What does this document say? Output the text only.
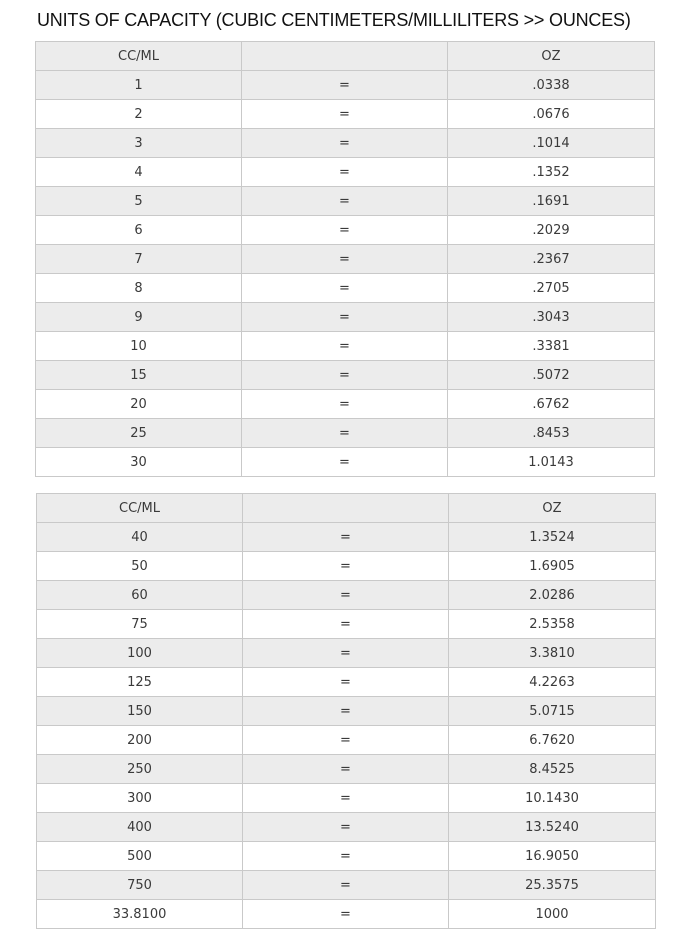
UNITS OF CAPACITY (CUBIC CENTIMETERS/MILLILITERS >> OUNCES)
CC/ML		OZ
1	=	.0338
2	=	.0676
3	=	.1014
4	=	.1352
5	=	.1691
6	=	.2029
7	=	.2367
8	=	.2705
9	=	.3043
10	=	.3381
15	=	.5072
20	=	.6762
25	=	.8453
30	=	1.0143
CC/ML		OZ
40	=	1.3524
50	=	1.6905
60	=	2.0286
75	=	2.5358
100	=	3.3810
125	=	4.2263
150	=	5.0715
200	=	6.7620
250	=	8.4525
300	=	10.1430
400	=	13.5240
500	=	16.9050
750	=	25.3575
33.8100	=	1000
